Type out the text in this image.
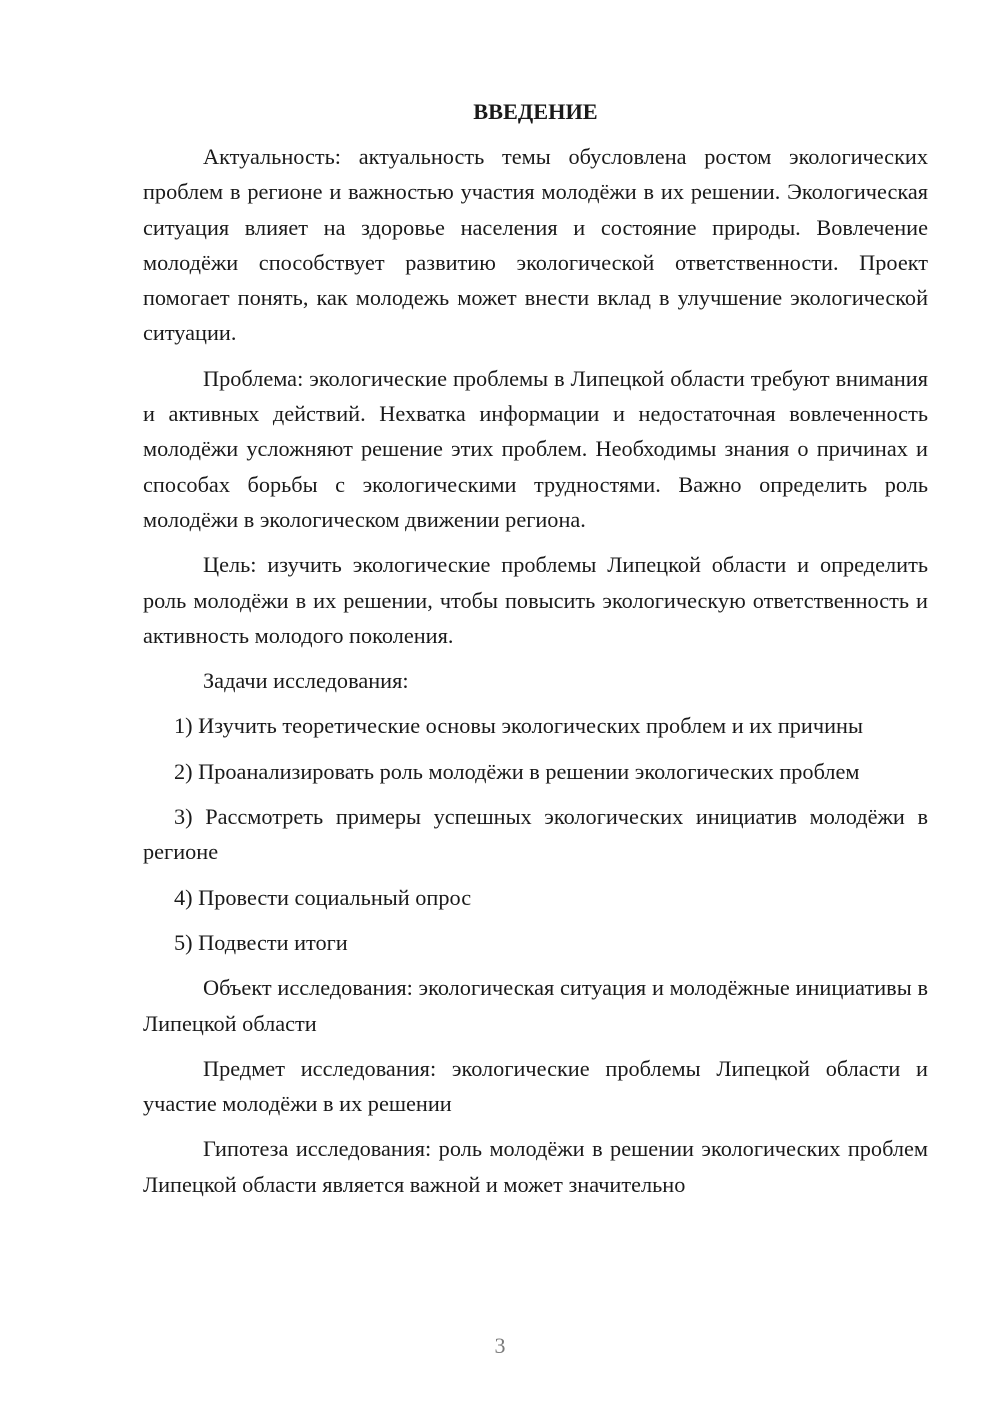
ВВЕДЕНИЕ
Актуальность: актуальность темы обусловлена ростом экологических проблем в регионе и важностью участия молодёжи в их решении. Экологическая ситуация влияет на здоровье населения и состояние природы. Вовлечение молодёжи способствует развитию экологической ответственности. Проект помогает понять, как молодежь может внести вклад в улучшение экологической ситуации.
Проблема: экологические проблемы в Липецкой области требуют внимания и активных действий. Нехватка информации и недостаточная вовлеченность молодёжи усложняют решение этих проблем. Необходимы знания о причинах и способах борьбы с экологическими трудностями. Важно определить роль молодёжи в экологическом движении региона.
Цель: изучить экологические проблемы Липецкой области и определить роль молодёжи в их решении, чтобы повысить экологическую ответственность и активность молодого поколения.
Задачи исследования:
1) Изучить теоретические основы экологических проблем и их причины
2) Проанализировать роль молодёжи в решении экологических проблем
3) Рассмотреть примеры успешных экологических инициатив молодёжи в регионе
4) Провести социальный опрос
5) Подвести итоги
Объект исследования: экологическая ситуация и молодёжные инициативы в Липецкой области
Предмет исследования: экологические проблемы Липецкой области и участие молодёжи в их решении
Гипотеза исследования: роль молодёжи в решении экологических проблем Липецкой области является важной и может значительно
3
